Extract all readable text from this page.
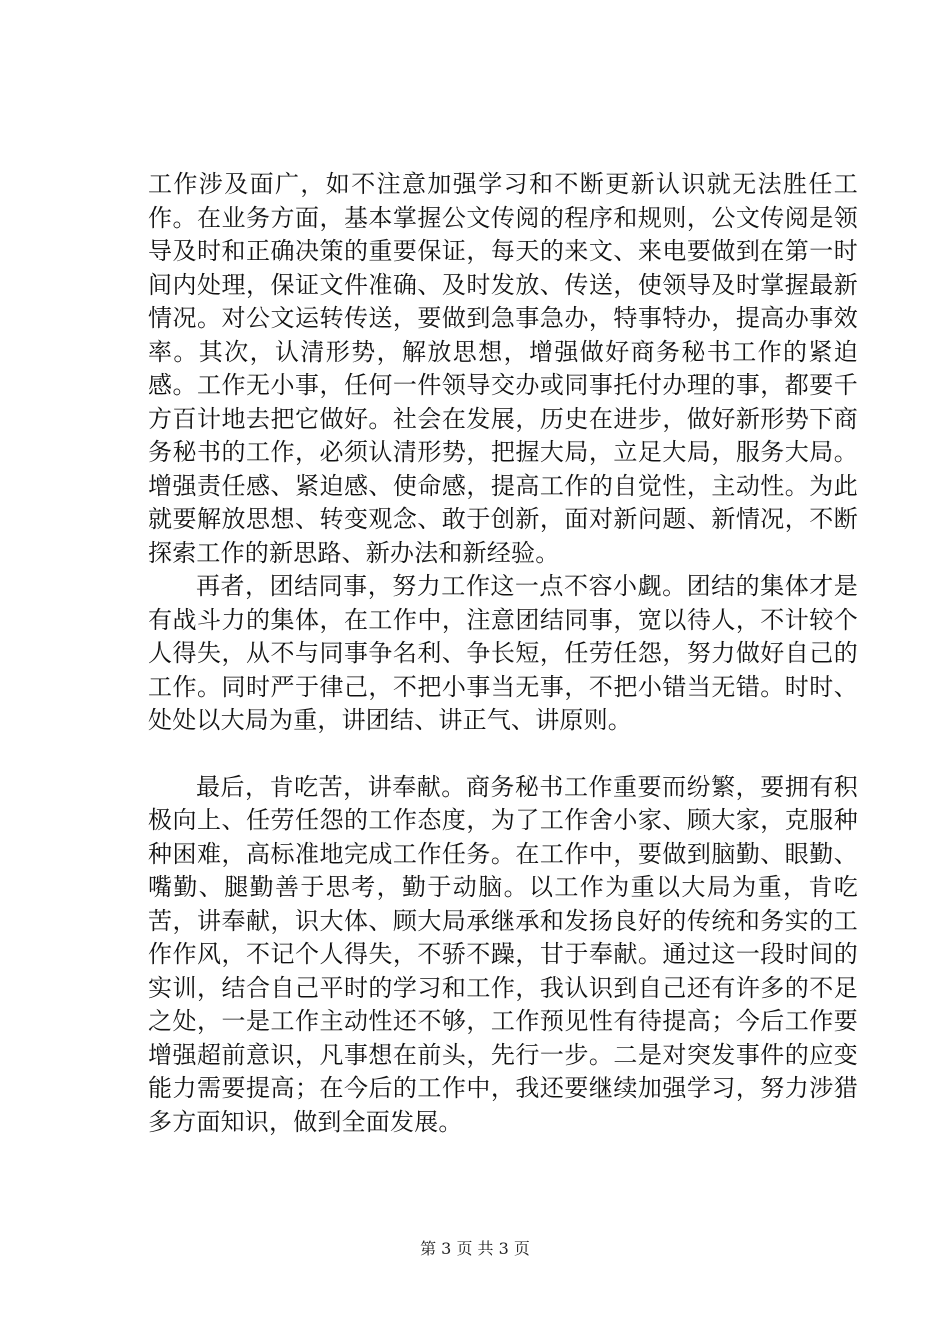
工作涉及面广，如不注意加强学习和不断更新认识就无法胜任工作。在业务方面，基本掌握公文传阅的程序和规则，公文传阅是领导及时和正确决策的重要保证，每天的来文、来电要做到在第一时间内处理，保证文件准确、及时发放、传送，使领导及时掌握最新情况。对公文运转传送，要做到急事急办，特事特办，提高办事效率。其次，认清形势，解放思想，增强做好商务秘书工作的紧迫感。工作无小事，任何一件领导交办或同事托付办理的事，都要千方百计地去把它做好。社会在发展，历史在进步，做好新形势下商务秘书的工作，必须认清形势，把握大局，立足大局，服务大局。增强责任感、紧迫感、使命感，提高工作的自觉性，主动性。为此就要解放思想、转变观念、敢于创新，面对新问题、新情况，不断探索工作的新思路、新办法和新经验。

再者，团结同事，努力工作这一点不容小觑。团结的集体才是有战斗力的集体，在工作中，注意团结同事，宽以待人，不计较个人得失，从不与同事争名利、争长短，任劳任怨，努力做好自己的工作。同时严于律己，不把小事当无事，不把小错当无错。时时、处处以大局为重，讲团结、讲正气、讲原则。

最后，肯吃苦，讲奉献。商务秘书工作重要而纷繁，要拥有积极向上、任劳任怨的工作态度，为了工作舍小家、顾大家，克服种种困难，高标准地完成工作任务。在工作中，要做到脑勤、眼勤、嘴勤、腿勤善于思考，勤于动脑。以工作为重以大局为重，肯吃苦，讲奉献，识大体、顾大局承继承和发扬良好的传统和务实的工作作风，不记个人得失，不骄不躁，甘于奉献。通过这一段时间的实训，结合自己平时的学习和工作，我认识到自己还有许多的不足之处，一是工作主动性还不够，工作预见性有待提高；今后工作要增强超前意识，凡事想在前头，先行一步。二是对突发事件的应变能力需要提高；在今后的工作中，我还要继续加强学习，努力涉猎多方面知识，做到全面发展。

第 3 页 共 3 页
